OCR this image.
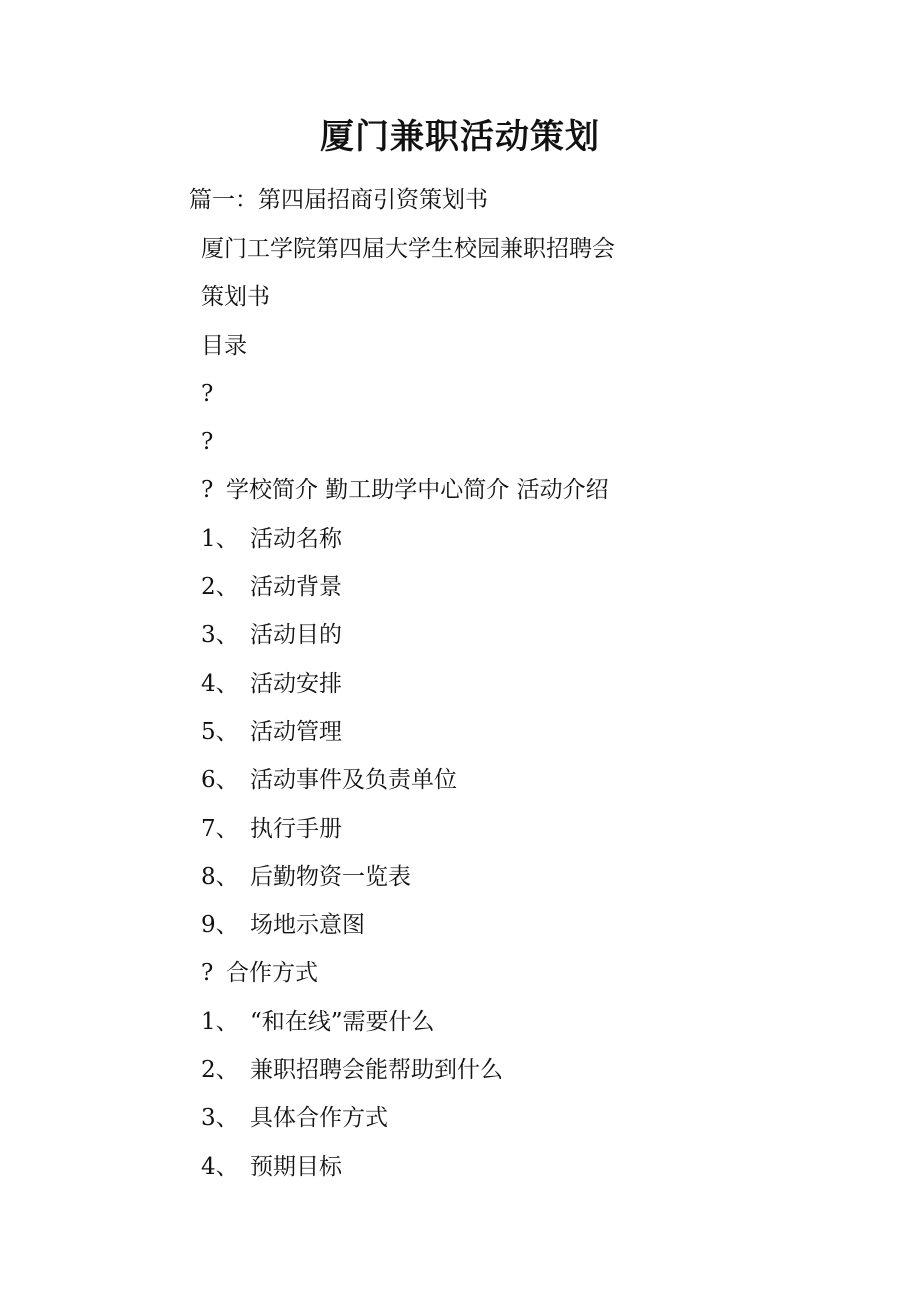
厦门兼职活动策划
篇一：第四届招商引资策划书
厦门工学院第四届大学生校园兼职招聘会
策划书
目录
?
?
? 学校简介 勤工助学中心简介 活动介绍
1、 活动名称
2、 活动背景
3、 活动目的
4、 活动安排
5、 活动管理
6、 活动事件及负责单位
7、 执行手册
8、 后勤物资一览表
9、 场地示意图
? 合作方式
1、 “和在线”需要什么
2、 兼职招聘会能帮助到什么
3、 具体合作方式
4、 预期目标
